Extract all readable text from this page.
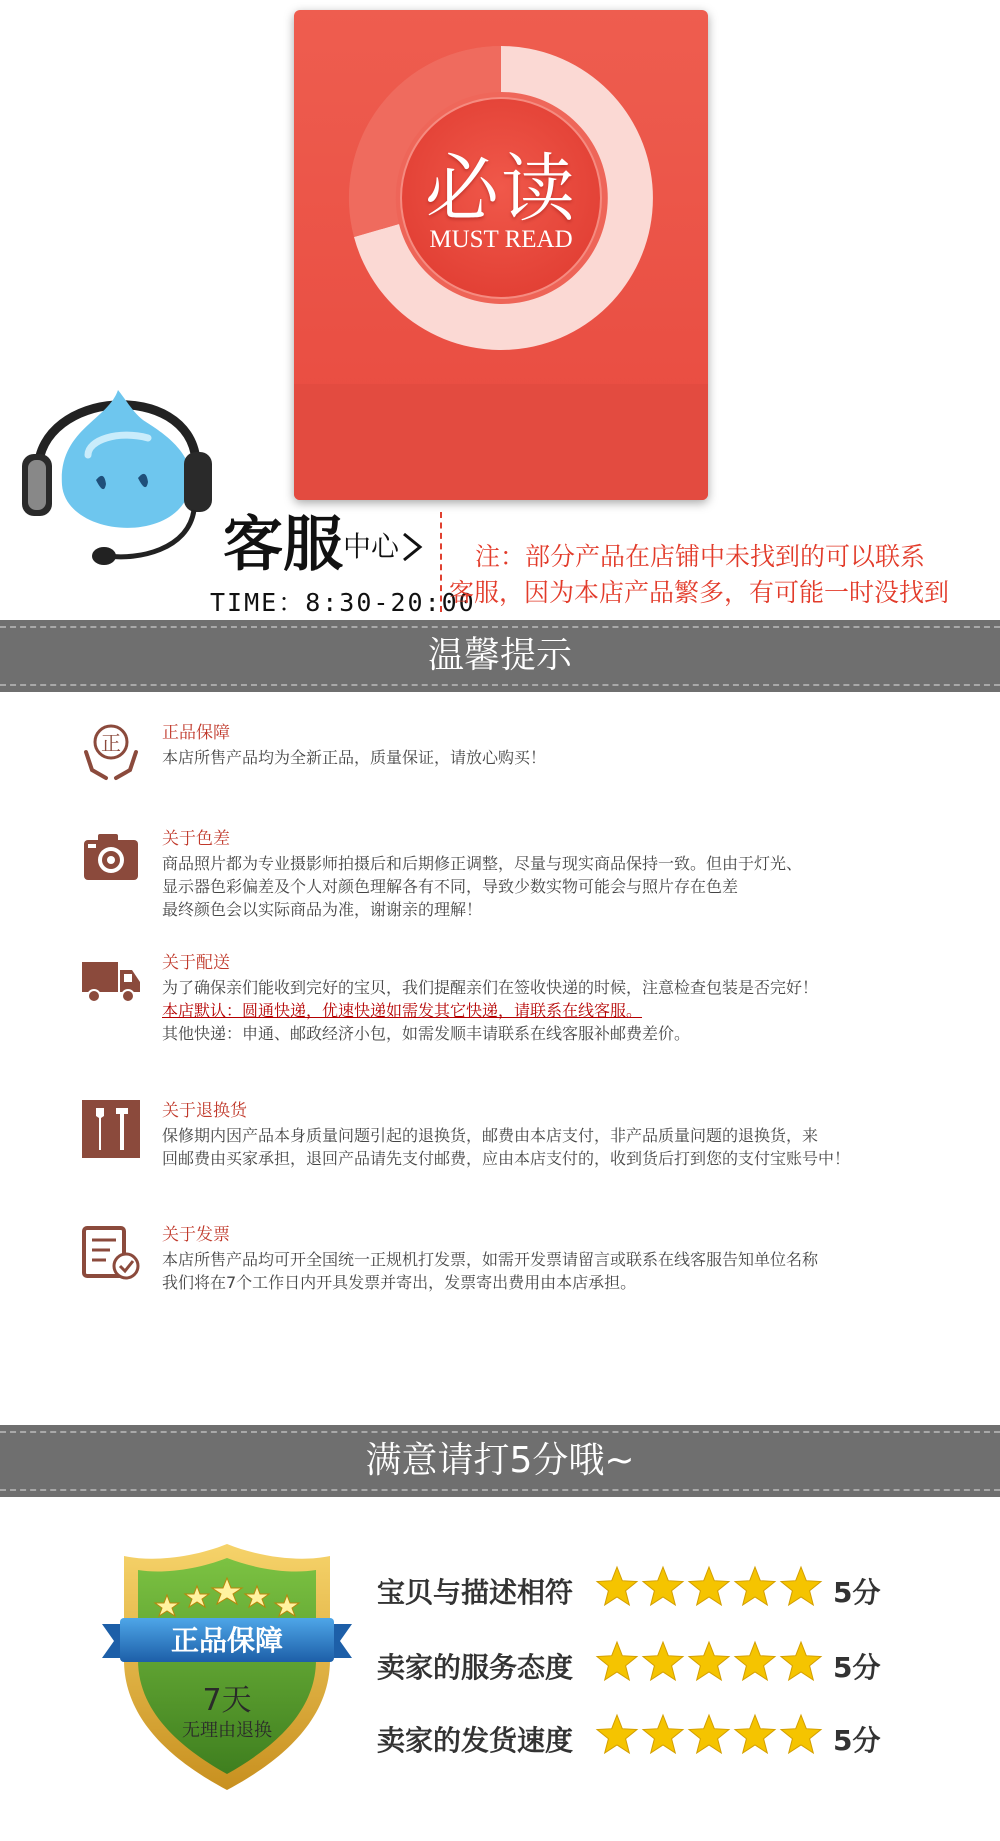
必读
MUST READ
客服 中心
TIME：8:30-20:00
注：部分产品在店铺中未找到的可以联系
客服，因为本店产品繁多，有可能一时没找到
温馨提示
正 正品保障
本店所售产品均为全新正品，质量保证，请放心购买！
关于色差
商品照片都为专业摄影师拍摄后和后期修正调整，尽量与现实商品保持一致。但由于灯光、
显示器色彩偏差及个人对颜色理解各有不同，导致少数实物可能会与照片存在色差
最终颜色会以实际商品为准，谢谢亲的理解！
关于配送
为了确保亲们能收到完好的宝贝，我们提醒亲们在签收快递的时候，注意检查包装是否完好！
本店默认：圆通快递，优速快递如需发其它快递，请联系在线客服。
其他快递：申通、邮政经济小包，如需发顺丰请联系在线客服补邮费差价。
关于退换货
保修期内因产品本身质量问题引起的退换货，邮费由本店支付，非产品质量问题的退换货，来
回邮费由买家承担，退回产品请先支付邮费，应由本店支付的，收到货后打到您的支付宝账号中！
关于发票
本店所售产品均可开全国统一正规机打发票，如需开发票请留言或联系在线客服告知单位名称
我们将在7个工作日内开具发票并寄出，发票寄出费用由本店承担。
满意请打5分哦~
正品保障
7天
无理由退换
宝贝与描述相符	5分
卖家的服务态度	5分
卖家的发货速度	5分
